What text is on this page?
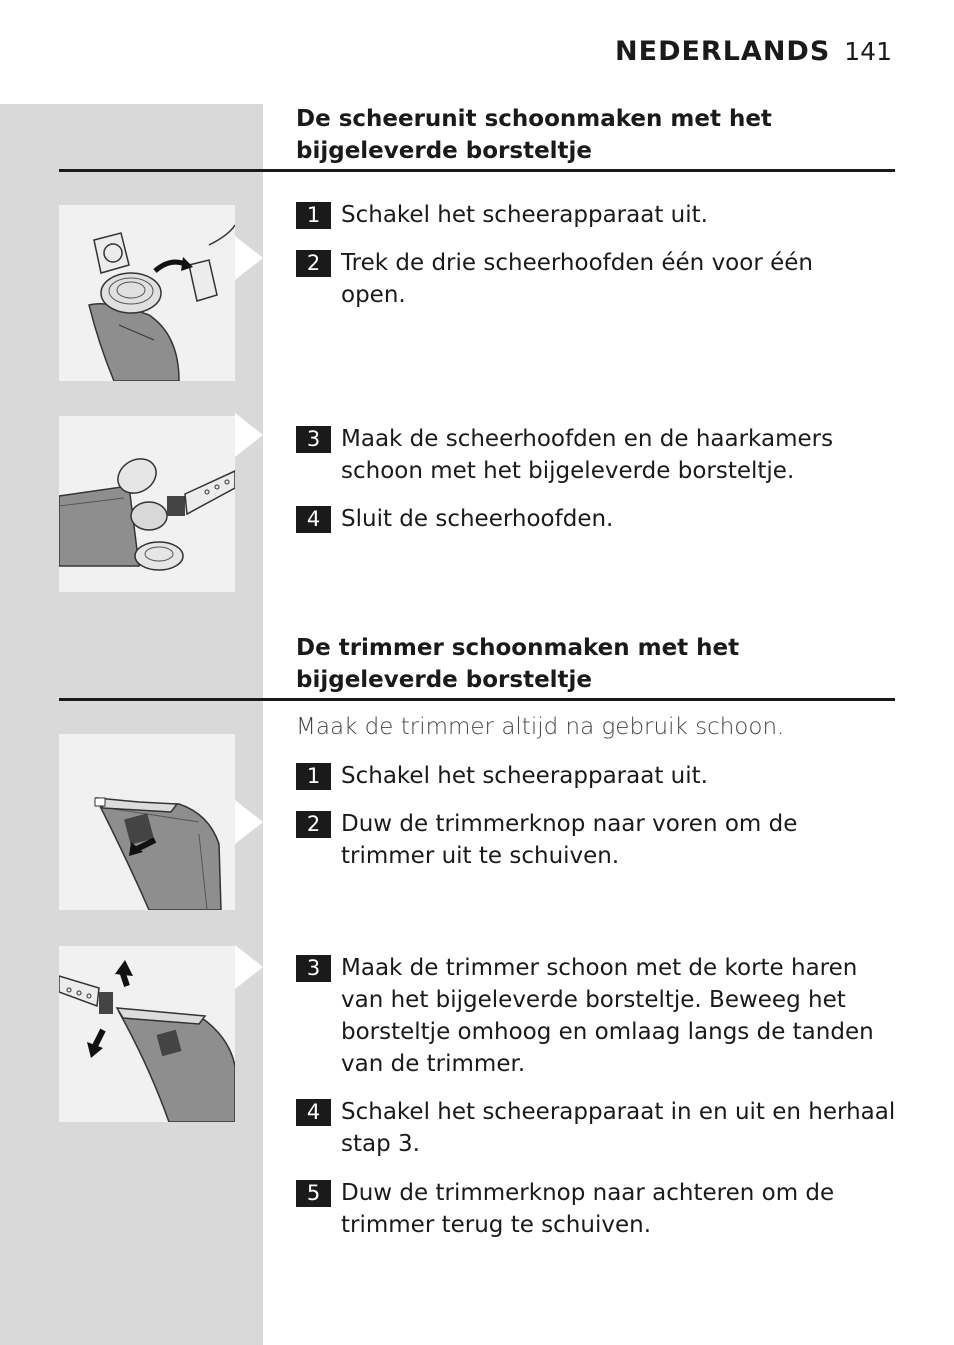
NEDERLANDS 141
De scheerunit schoonmaken met het
bijgeleverde borsteltje
1 Schakel het scheerapparaat uit.
2 Trek de drie scheerhoofden één voor één open.
3 Maak de scheerhoofden en de haarkamers schoon met het bijgeleverde borsteltje.
4 Sluit de scheerhoofden.
De trimmer schoonmaken met het
bijgeleverde borsteltje
Maak de trimmer altijd na gebruik schoon.
1 Schakel het scheerapparaat uit.
2 Duw de trimmerknop naar voren om de trimmer uit te schuiven.
3 Maak de trimmer schoon met de korte haren van het bijgeleverde borsteltje. Beweeg het borsteltje omhoog en omlaag langs de tanden van de trimmer.
4 Schakel het scheerapparaat in en uit en herhaal stap 3.
5 Duw de trimmerknop naar achteren om de trimmer terug te schuiven.
